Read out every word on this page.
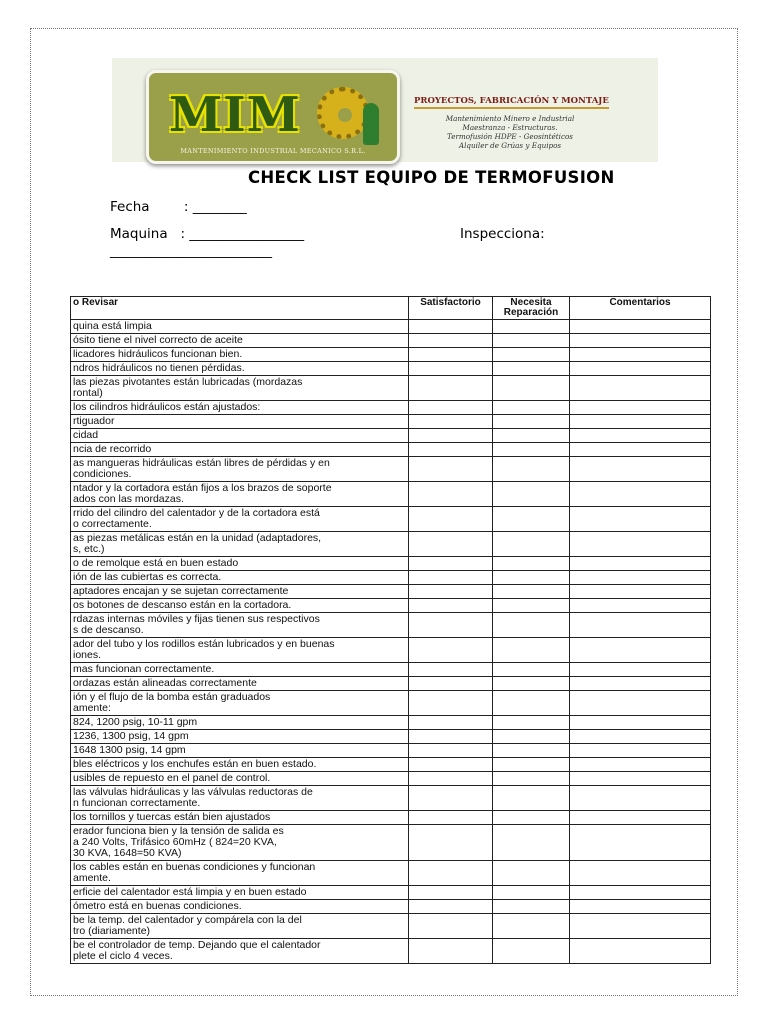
MIM
MANTENIMIENTO INDUSTRIAL MECANICO S.R.L.
PROYECTOS, FABRICACIÓN Y MONTAJE
Mantenimiento Minero e Industrial
Maestranza - Estructuras.
Termofusión HDPE - Geosintéticos
Alquiler de Grúas y Equipos
CHECK LIST EQUIPO DE TERMOFUSION
Fecha        : ________
Maquina   : _________________	Inspecciona:
________________________
o Revisar	Satisfactorio	Necesita Reparación	Comentarios

quina está limpia			

ósito tiene el nivel correcto de aceite			

licadores hidráulicos funcionan bien.			

ndros hidráulicos no tienen pérdidas.			

las piezas pivotantes están lubricadas (mordazas
rontal)			

los cilindros hidráulicos están ajustados:			

rtiguador			

cidad			

ncia de recorrido			

as mangueras hidráulicas están libres de pérdidas y en
condiciones.			

ntador y la cortadora están fijos a los brazos de soporte
ados con las mordazas.			

rrido del cilindro del calentador y de la cortadora está
o correctamente.			

as piezas metálicas están en la unidad (adaptadores,
s, etc.)			

o de remolque está en buen estado			

ión de las cubiertas es correcta.			

aptadores encajan y se sujetan correctamente			

os botones de descanso están en la cortadora.			

rdazas internas móviles y fijas tienen sus respectivos
s de descanso.			

ador del tubo y los rodillos están lubricados y en buenas
iones.			

mas funcionan correctamente.			

ordazas están alineadas correctamente			

ión y el flujo de la bomba están graduados
amente:			

824, 1200 psig, 10-11 gpm			

1236, 1300 psig, 14 gpm			

1648 1300 psig, 14 gpm			

bles eléctricos y los enchufes están en buen estado.			

usibles de repuesto en el panel de control.			

las válvulas hidráulicas y las válvulas reductoras de
n funcionan correctamente.			

los tornillos y tuercas están bien ajustados			

erador funciona bien y la tensión de salida es
a 240 Volts, Trifásico 60mHz ( 824=20 KVA,
30 KVA, 1648=50 KVA)			

los cables están en buenas condiciones y funcionan
amente.			

erficie del calentador está limpia y en buen estado			

ómetro está en buenas condiciones.			

be la temp. del calentador y compárela con la del
tro (diariamente)			

be el controlador de temp. Dejando que el calentador
plete el ciclo 4 veces.			
